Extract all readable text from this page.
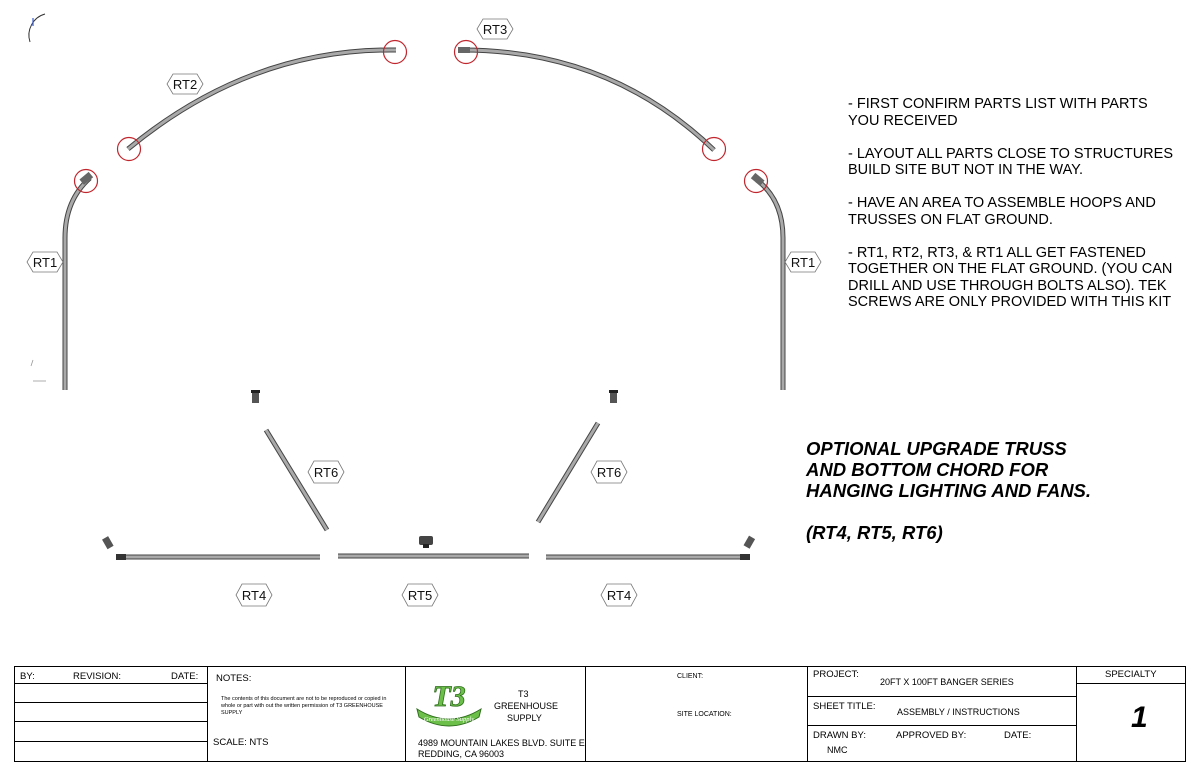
RT1
RT2
RT3
RT1
RT6	RT6
RT4	RT5	RT4

- FIRST CONFIRM PARTS LIST WITH PARTS YOU RECEIVED

- LAYOUT ALL PARTS CLOSE TO STRUCTURES BUILD SITE BUT NOT IN THE WAY.

- HAVE AN AREA TO ASSEMBLE HOOPS AND TRUSSES ON FLAT GROUND.

- RT1, RT2, RT3, & RT1 ALL GET FASTENED TOGETHER ON THE FLAT GROUND. (YOU CAN DRILL AND USE THROUGH BOLTS ALSO). TEK SCREWS ARE ONLY PROVIDED WITH THIS KIT

OPTIONAL UPGRADE TRUSS AND BOTTOM CHORD FOR HANGING LIGHTING AND FANS.
(RT4, RT5, RT6)
BY:	REVISION:	DATE: NOTES:
The contents of this document are not to be reproduced or copied in whole or part with out the written permission of T3 GREENHOUSE SUPPLY
SCALE: NTS
T3
Greenhouse Supply
T3
GREENHOUSE
SUPPLY
4989 MOUNTAIN LAKES BLVD. SUITE E
REDDING, CA 96003
CLIENT:
SITE LOCATION:
PROJECT:
20FT X 100FT BANGER SERIES
SHEET TITLE: ASSEMBLY / INSTRUCTIONS
DRAWN BY:
NMC
APPROVED BY:	DATE:
SPECIALTY
1
